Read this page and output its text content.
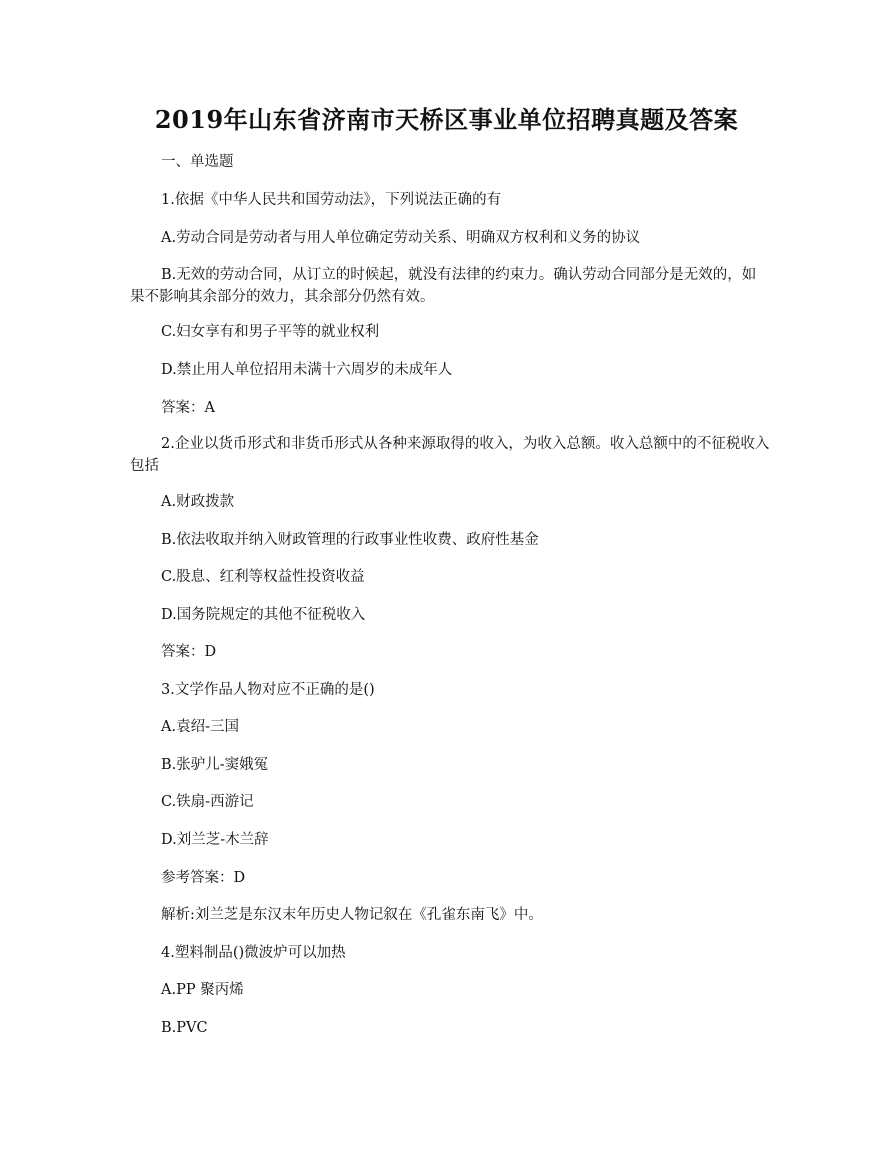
2019年山东省济南市天桥区事业单位招聘真题及答案

一、单选题

1.依据《中华人民共和国劳动法》，下列说法正确的有

A.劳动合同是劳动者与用人单位确定劳动关系、明确双方权利和义务的协议

B.无效的劳动合同，从订立的时候起，就没有法律的约束力。确认劳动合同部分是无效的，如果不影响其余部分的效力，其余部分仍然有效。

C.妇女享有和男子平等的就业权利

D.禁止用人单位招用未满十六周岁的未成年人

答案：A

2.企业以货币形式和非货币形式从各种来源取得的收入，为收入总额。收入总额中的不征税收入包括

A.财政拨款

B.依法收取并纳入财政管理的行政事业性收费、政府性基金

C.股息、红利等权益性投资收益

D.国务院规定的其他不征税收入

答案：D

3.文学作品人物对应不正确的是()

A.袁绍-三国

B.张驴儿-窦娥冤

C.铁扇-西游记

D.刘兰芝-木兰辞

参考答案：D

解析:刘兰芝是东汉末年历史人物记叙在《孔雀东南飞》中。

4.塑料制品()微波炉可以加热

A.PP 聚丙烯

B.PVC
